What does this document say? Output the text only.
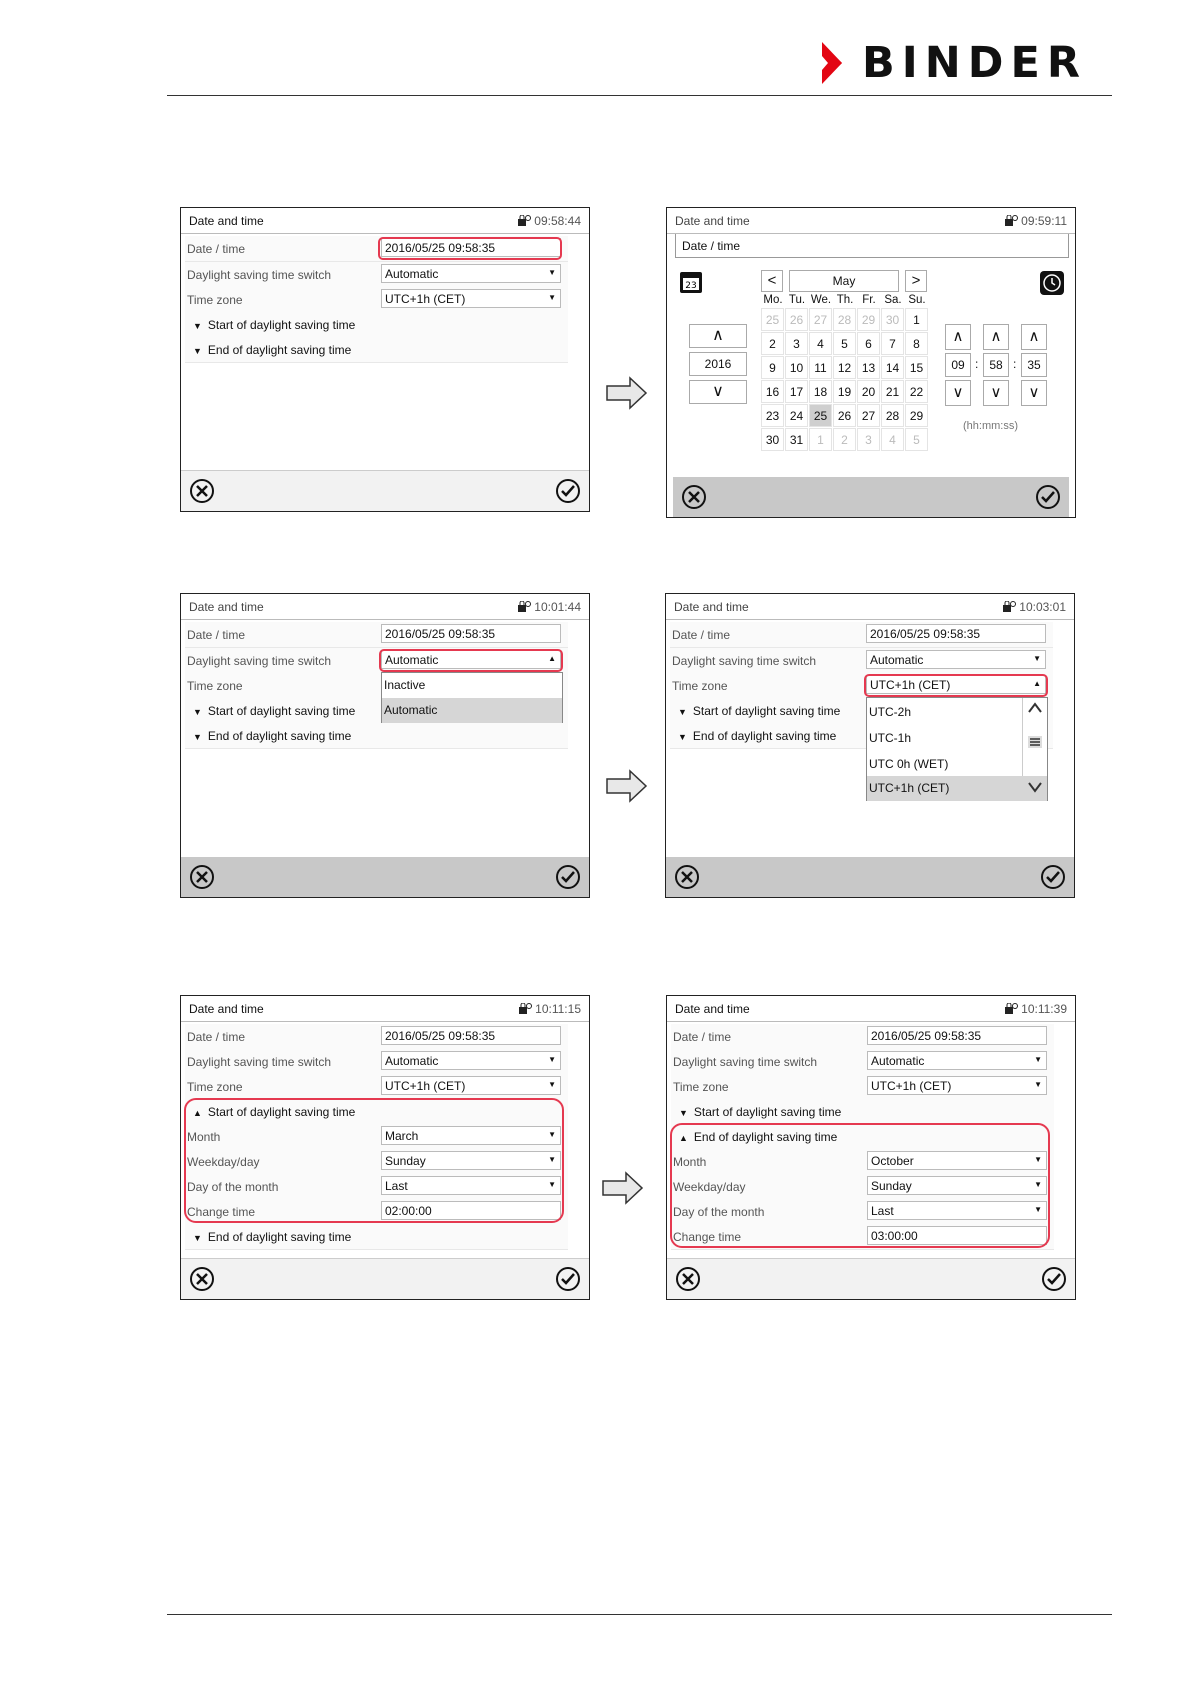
BINDER
Date and time	09:58:44
Date / time	2016/05/25 09:58:35
Daylight saving time switch	Automatic	▼
Time zone	UTC+1h (CET)	▼
▼ Start of daylight saving time
▼ End of daylight saving time
Date and time	09:59:11
Date / time
23
∧
2016
∨
<	May	>
Mo. Tu. We. Th. Fr. Sa. Su.
25 26 27 28 29 30	1
2	3	4	5	6	7	8
9	10 11 12 13 14 15
16 17 18 19 20 21 22
23 24 25 26 27 28 29
30 31	1	2	3	4	5
∧	∧	∧
09 : 58 : 35
∨	∨	∨
(hh:mm:ss)
Date and time	10:01:44
Date / time	2016/05/25 09:58:35
Daylight saving time switch	Automatic	▲
Time zone
▼ Start of daylight saving time
▼ End of daylight saving time
Inactive
Automatic
Date and time	10:03:01
Date / time	2016/05/25 09:58:35
Daylight saving time switch	Automatic	▼
Time zone	UTC+1h (CET)	▲
▼ Start of daylight saving time
▼ End of daylight saving time
UTC-2h
UTC-1h
UTC 0h (WET)
UTC+1h (CET)
Date and time	10:11:15
Date / time	2016/05/25 09:58:35
Daylight saving time switch	Automatic	▼
Time zone	UTC+1h (CET)	▼
▲ Start of daylight saving time
Month	March	▼
Weekday/day	Sunday	▼
Day of the month	Last	▼
Change time	02:00:00
▼ End of daylight saving time
Date and time	10:11:39
Date / time	2016/05/25 09:58:35
Daylight saving time switch	Automatic	▼
Time zone	UTC+1h (CET)	▼
▼ Start of daylight saving time
▲ End of daylight saving time
Month	October	▼
Weekday/day	Sunday	▼
Day of the month	Last	▼
Change time	03:00:00
